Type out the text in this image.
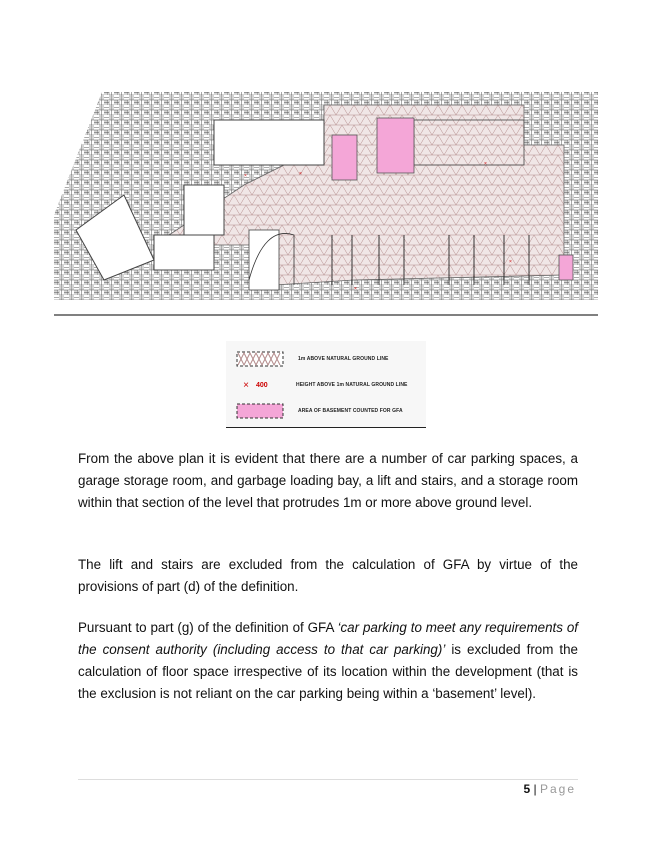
×	×
×
×
×
1m ABOVE NATURAL GROUND LINE
×	400	HEIGHT ABOVE 1m NATURAL GROUND LINE
AREA OF BASEMENT COUNTED FOR GFA

From the above plan it is evident that there are a number of car parking spaces, a garage storage room, and garbage loading bay, a lift and stairs, and a storage room within that section of the level that protrudes 1m or more above ground level.

The lift and stairs are excluded from the calculation of GFA by virtue of the provisions of part (d) of the definition.

Pursuant to part (g) of the definition of GFA ‘car parking to meet any requirements of the consent authority (including access to that car parking)’ is excluded from the calculation of floor space irrespective of its location within the development (that is the exclusion is not reliant on the car parking being within a ‘basement’ level).

5 | Page
